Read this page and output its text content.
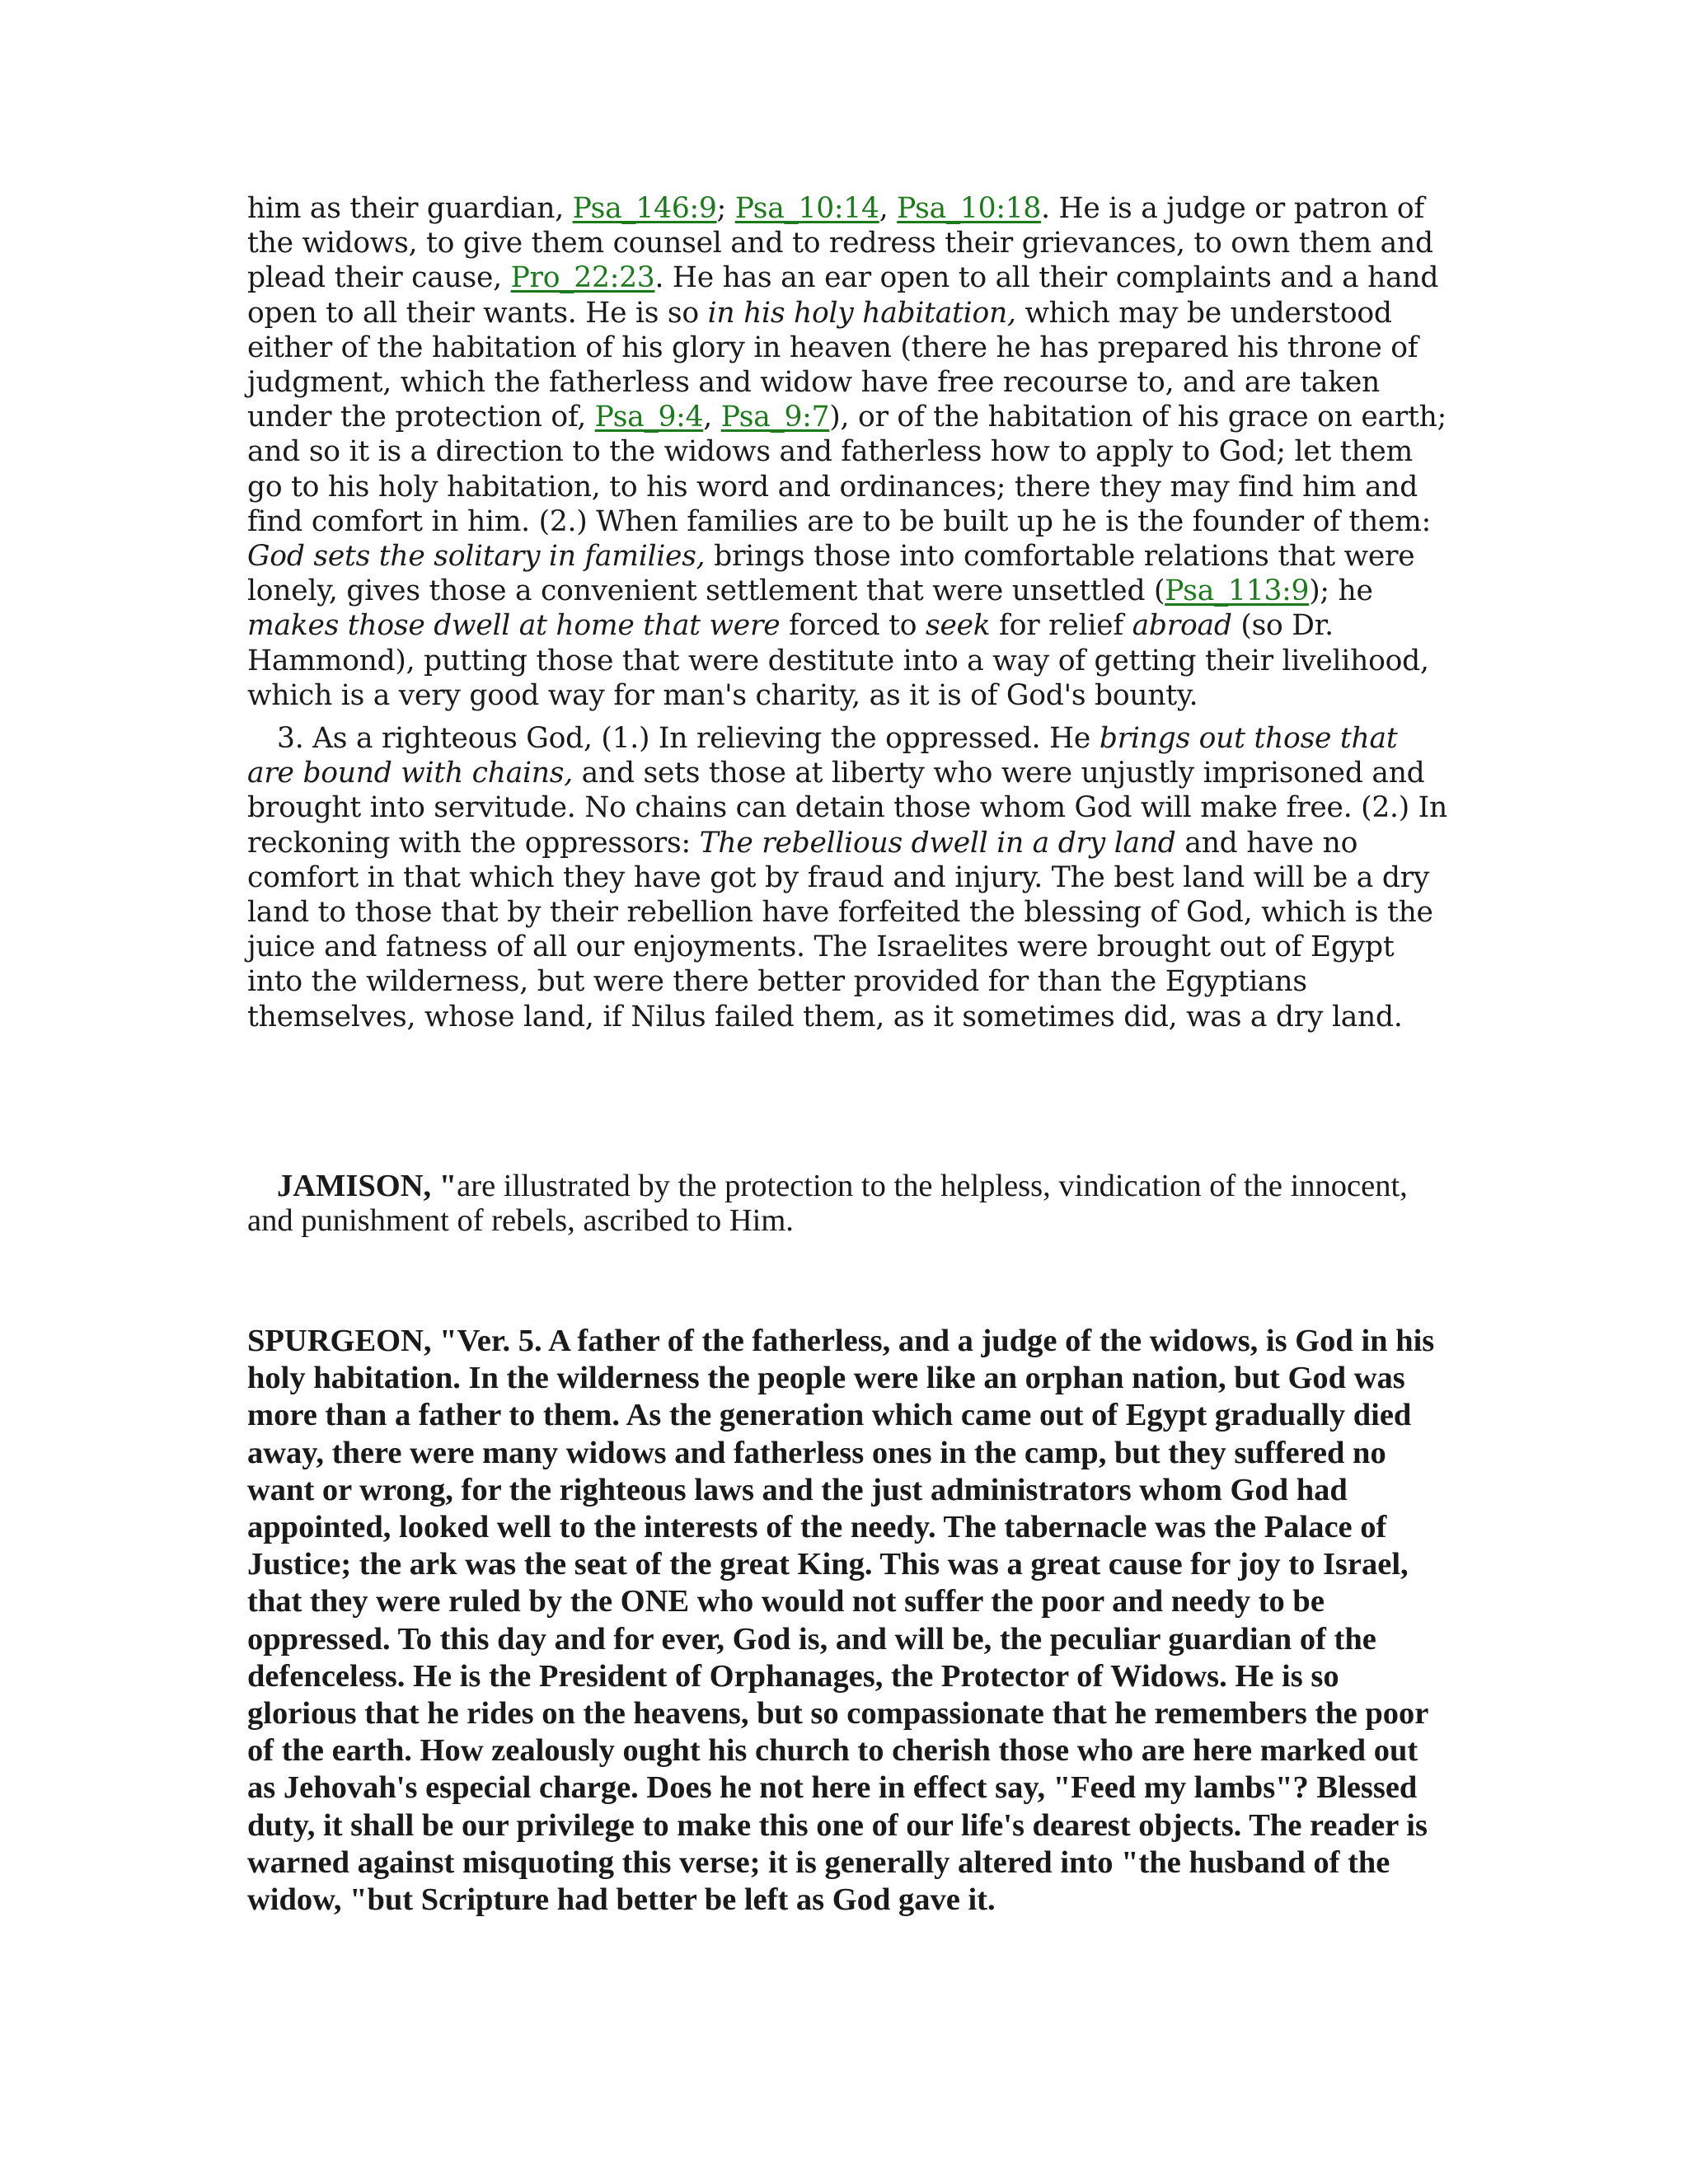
him as their guardian, Psa_146:9; Psa_10:14, Psa_10:18. He is a judge or patron of the widows, to give them counsel and to redress their grievances, to own them and plead their cause, Pro_22:23. He has an ear open to all their complaints and a hand open to all their wants. He is so in his holy habitation, which may be understood either of the habitation of his glory in heaven (there he has prepared his throne of judgment, which the fatherless and widow have free recourse to, and are taken under the protection of, Psa_9:4, Psa_9:7), or of the habitation of his grace on earth; and so it is a direction to the widows and fatherless how to apply to God; let them go to his holy habitation, to his word and ordinances; there they may find him and find comfort in him. (2.) When families are to be built up he is the founder of them: God sets the solitary in families, brings those into comfortable relations that were lonely, gives those a convenient settlement that were unsettled (Psa_113:9); he makes those dwell at home that were forced to seek for relief abroad (so Dr. Hammond), putting those that were destitute into a way of getting their livelihood, which is a very good way for man's charity, as it is of God's bounty.

3. As a righteous God, (1.) In relieving the oppressed. He brings out those that are bound with chains, and sets those at liberty who were unjustly imprisoned and brought into servitude. No chains can detain those whom God will make free. (2.) In reckoning with the oppressors: The rebellious dwell in a dry land and have no comfort in that which they have got by fraud and injury. The best land will be a dry land to those that by their rebellion have forfeited the blessing of God, which is the juice and fatness of all our enjoyments. The Israelites were brought out of Egypt into the wilderness, but were there better provided for than the Egyptians themselves, whose land, if Nilus failed them, as it sometimes did, was a dry land.

JAMISON, "are illustrated by the protection to the helpless, vindication of the innocent, and punishment of rebels, ascribed to Him.

SPURGEON, "Ver. 5. A father of the fatherless, and a judge of the widows, is God in his holy habitation. In the wilderness the people were like an orphan nation, but God was more than a father to them. As the generation which came out of Egypt gradually died away, there were many widows and fatherless ones in the camp, but they suffered no want or wrong, for the righteous laws and the just administrators whom God had appointed, looked well to the interests of the needy. The tabernacle was the Palace of Justice; the ark was the seat of the great King. This was a great cause for joy to Israel, that they were ruled by the ONE who would not suffer the poor and needy to be oppressed. To this day and for ever, God is, and will be, the peculiar guardian of the defenceless. He is the President of Orphanages, the Protector of Widows. He is so glorious that he rides on the heavens, but so compassionate that he remembers the poor of the earth. How zealously ought his church to cherish those who are here marked out as Jehovah's especial charge. Does he not here in effect say, "Feed my lambs"? Blessed duty, it shall be our privilege to make this one of our life's dearest objects. The reader is warned against misquoting this verse; it is generally altered into "the husband of the widow, "but Scripture had better be left as God gave it.
